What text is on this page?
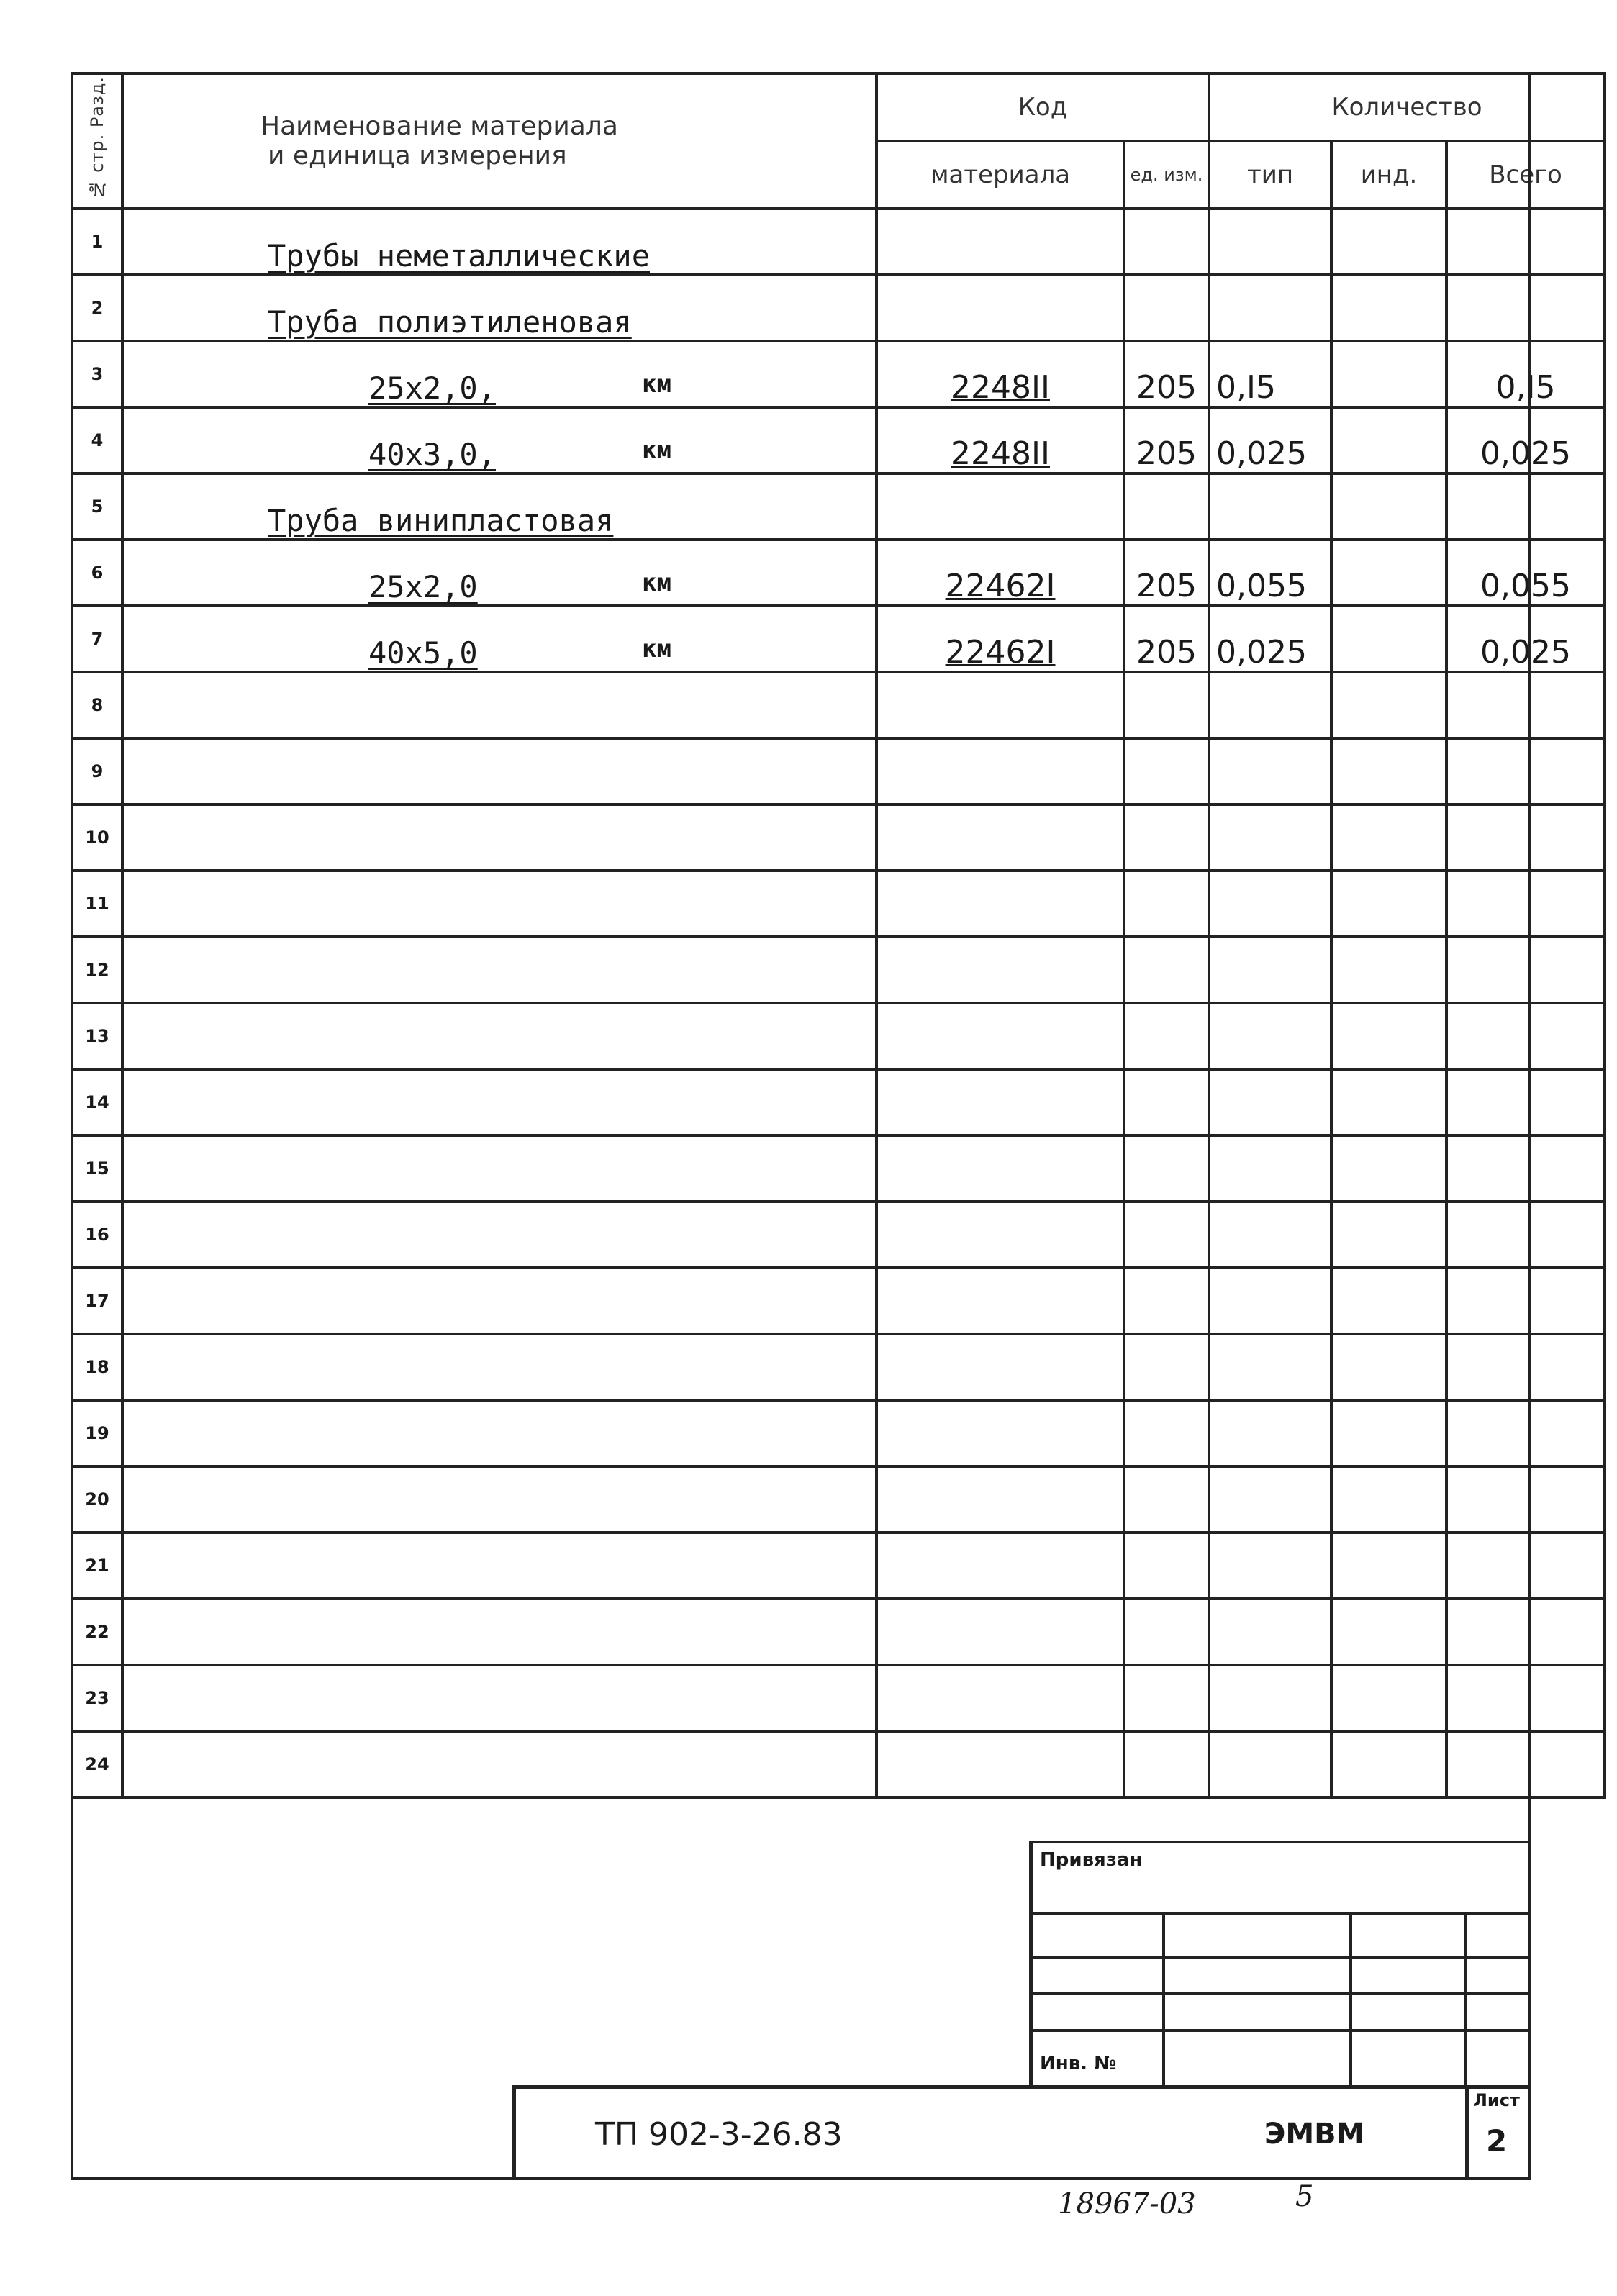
№ стр. Разд.	Наименование материала
и единица измерения	Код		Количество		
		материала	ед. изм.	тип	инд.	Всего
1	Трубы неметаллические					
2	Труба полиэтиленовая					
3	25x2,0, км	2248II	205	0,I5		0,I5
4	40x3,0, км	2248II	205	0,025		0,025
5	Труба винипластовая					
6	25x2,0 км	22462I	205	0,055		0,055
7	40x5,0 км	22462I	205	0,025		0,025
8						
9						
10						
11						
12						
13						
14						
15						
16						
17						
18						
19						
20						
21						
22						
23						
24						
Привязан
Инв. №
ТП 902-3-26.83	ЭМВМ
Лист
2
18967-03	5
